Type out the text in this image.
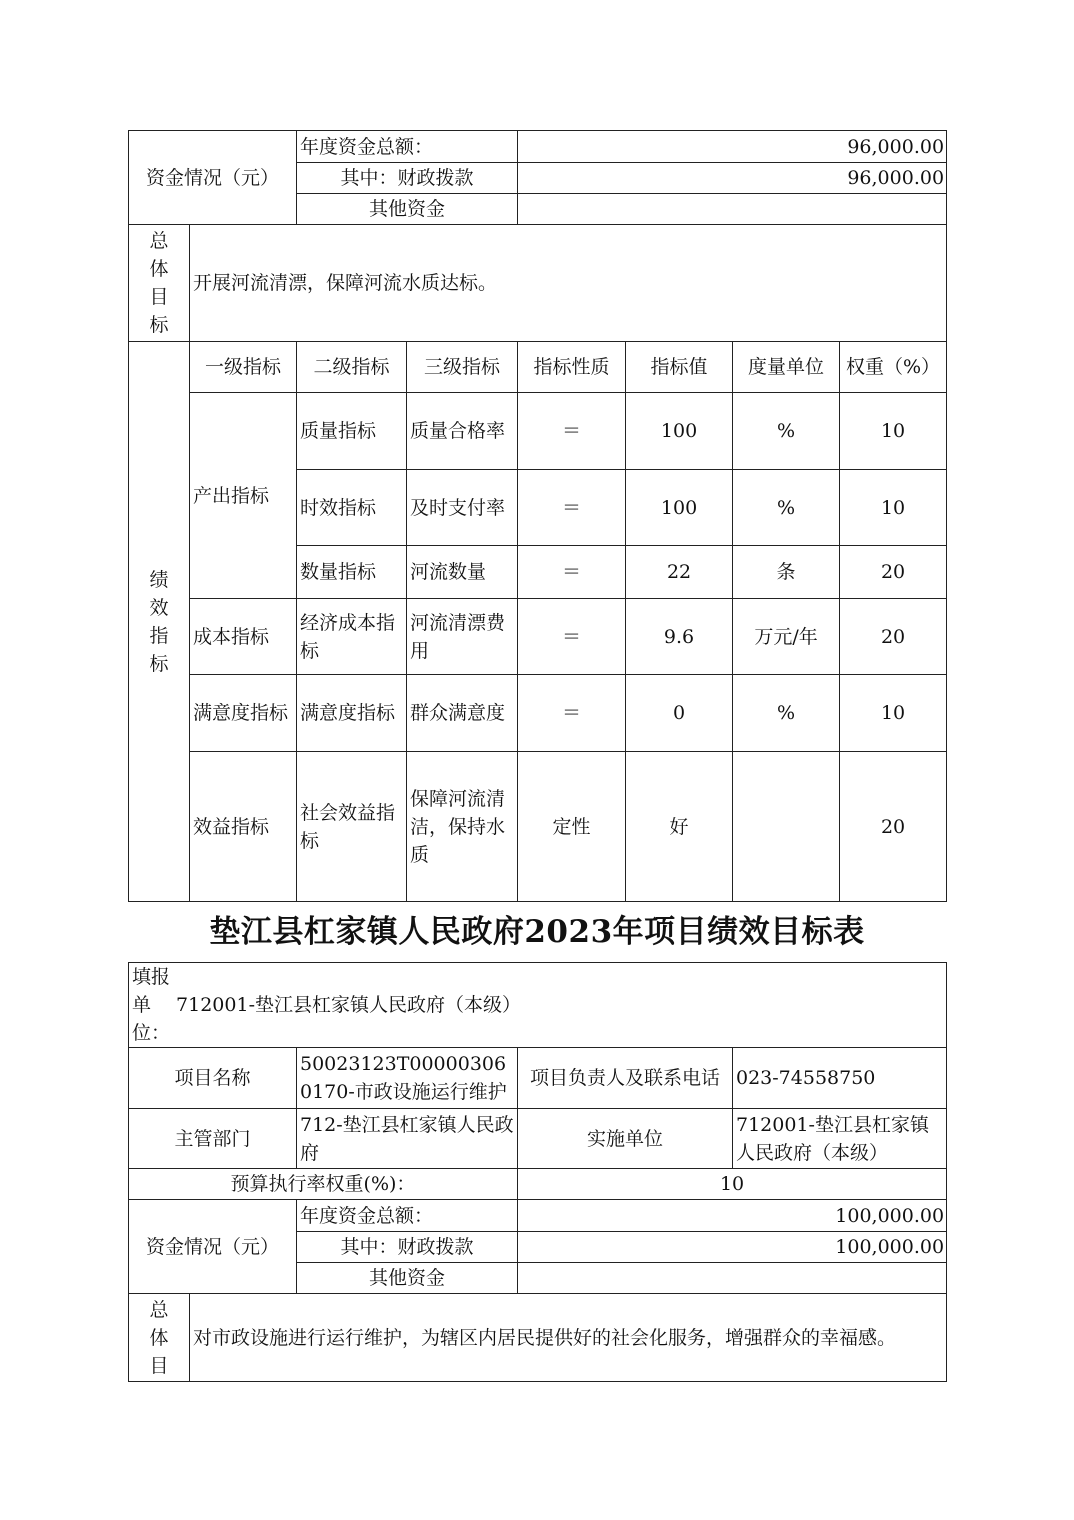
资金情况（元）		年度资金总额：		96,000.00			
		其中：财政拨款		96,000.00			
		其他资金					

总体目标	开展河流清漂，保障河流水质达标。						

绩效指标	一级指标	二级指标	三级指标	指标性质	指标值	度量单位	权重（%）
	产出指标	质量指标	质量合格率	＝	100	%	10
		时效指标	及时支付率	＝	100	%	10
		数量指标	河流数量	＝	22	条	20
	成本指标	经济成本指标	河流清漂费用	＝	9.6	万元/年	20
	满意度指标	满意度指标	群众满意度	＝	0	%	10
	效益指标	社会效益指标	保障河流清洁，保持水质	定性	好		20
垫江县杠家镇人民政府2023年项目绩效目标表
填报单位： 712001-垫江县杠家镇人民政府（本级）				
项目名称		50023123T000003060170-市政设施运行维护	项目负责人及联系电话	023-74558750
主管部门		712-垫江县杠家镇人民政府	实施单位	712001-垫江县杠家镇人民政府（本级）
预算执行率权重(%)：			10	
资金情况（元）		年度资金总额：	100,000.00	
		其中：财政拨款	100,000.00	
		其他资金		

总体目	对市政设施进行运行维护，为辖区内居民提供好的社会化服务，增强群众的幸福感。			
